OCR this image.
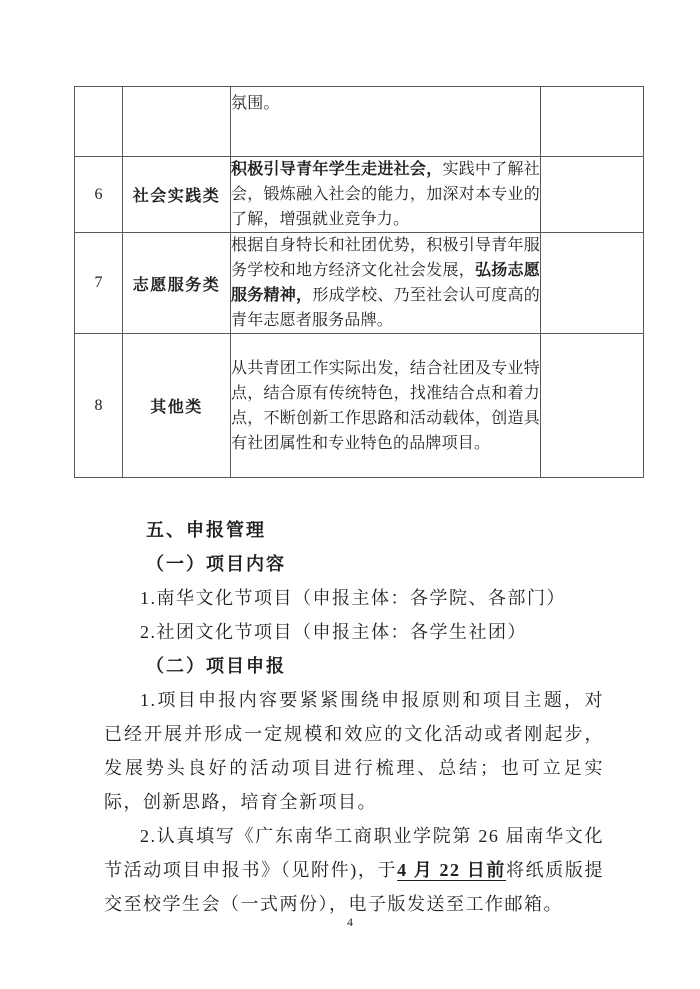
		氛围。	
6	社会实践类	积极引导青年学生走进社会，实践中了解社会，锻炼融入社会的能力，加深对本专业的了解，增强就业竞争力。	
7	志愿服务类	根据自身特长和社团优势，积极引导青年服务学校和地方经济文化社会发展，弘扬志愿服务精神，形成学校、乃至社会认可度高的青年志愿者服务品牌。	
8	其他类	从共青团工作实际出发，结合社团及专业特点，结合原有传统特色，找准结合点和着力点，不断创新工作思路和活动载体，创造具有社团属性和专业特色的品牌项目。	

五、申报管理

（一）项目内容

1.南华文化节项目（申报主体：各学院、各部门）

2.社团文化节项目（申报主体：各学生社团）

（二）项目申报

1.项目申报内容要紧紧围绕申报原则和项目主题，对已经开展并形成一定规模和效应的文化活动或者刚起步，发展势头良好的活动项目进行梳理、总结；也可立足实际，创新思路，培育全新项目。

2.认真填写《广东南华工商职业学院第 26 届南华文化节活动项目申报书》（见附件)，于4 月 22 日前将纸质版提交至校学生会（一式两份），电子版发送至工作邮箱。

4
